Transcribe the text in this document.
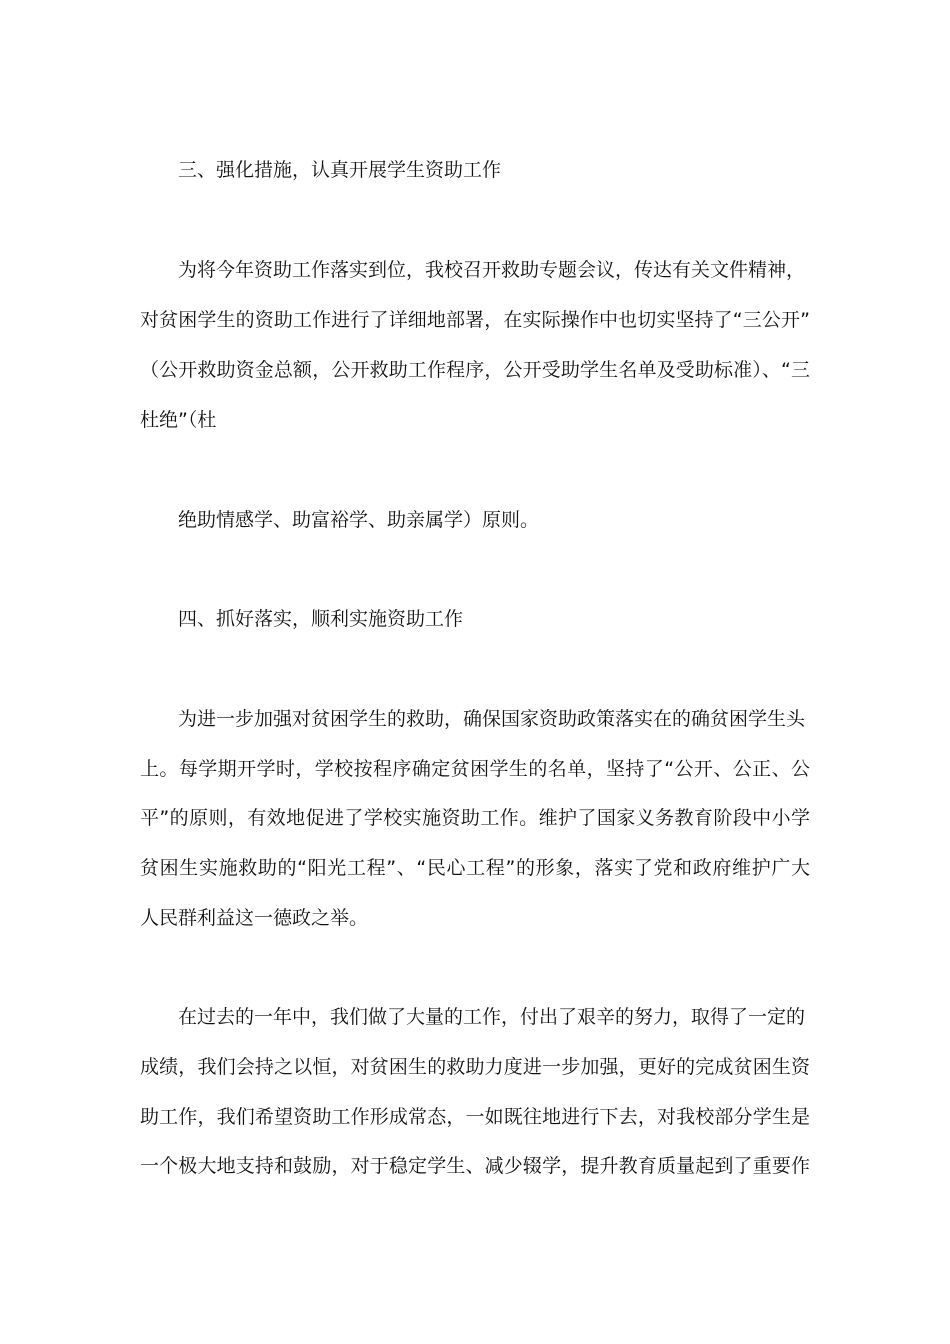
三、强化措施，认真开展学生资助工作
为将今年资助工作落实到位，我校召开救助专题会议，传达有关文件精神，
对贫困学生的资助工作进行了详细地部署，在实际操作中也切实坚持了“三公开”
（公开救助资金总额，公开救助工作程序，公开受助学生名单及受助标准）、“三
杜绝”（杜
绝助情感学、助富裕学、助亲属学）原则。
四、抓好落实，顺利实施资助工作
为进一步加强对贫困学生的救助，确保国家资助政策落实在的确贫困学生头
上。每学期开学时，学校按程序确定贫困学生的名单，坚持了“公开、公正、公
平”的原则，有效地促进了学校实施资助工作。维护了国家义务教育阶段中小学
贫困生实施救助的“阳光工程”、“民心工程”的形象，落实了党和政府维护广大
人民群利益这一德政之举。
在过去的一年中，我们做了大量的工作，付出了艰辛的努力，取得了一定的
成绩，我们会持之以恒，对贫困生的救助力度进一步加强，更好的完成贫困生资
助工作，我们希望资助工作形成常态，一如既往地进行下去，对我校部分学生是
一个极大地支持和鼓励，对于稳定学生、减少辍学，提升教育质量起到了重要作
